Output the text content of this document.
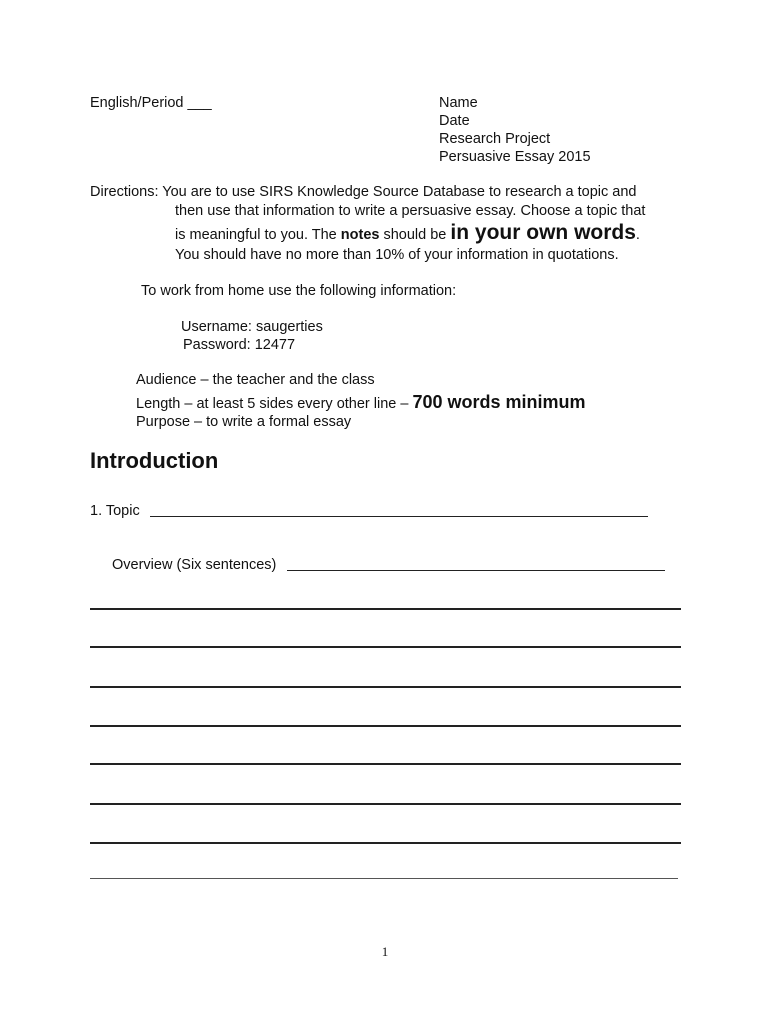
English/Period ___	Name
Date
Research Project
Persuasive Essay 2015
Directions: You are to use SIRS Knowledge Source Database to research a topic and
then use that information to write a persuasive essay. Choose a topic that
is meaningful to you. The notes should be in your own words.
You should have no more than 10% of your information in quotations.
To work from home use the following information:
Username: saugerties
Password: 12477
Audience – the teacher and the class
Length – at least 5 sides every other line – 700 words minimum
Purpose – to write a formal essay
Introduction
1. Topic
Overview (Six sentences)
1
